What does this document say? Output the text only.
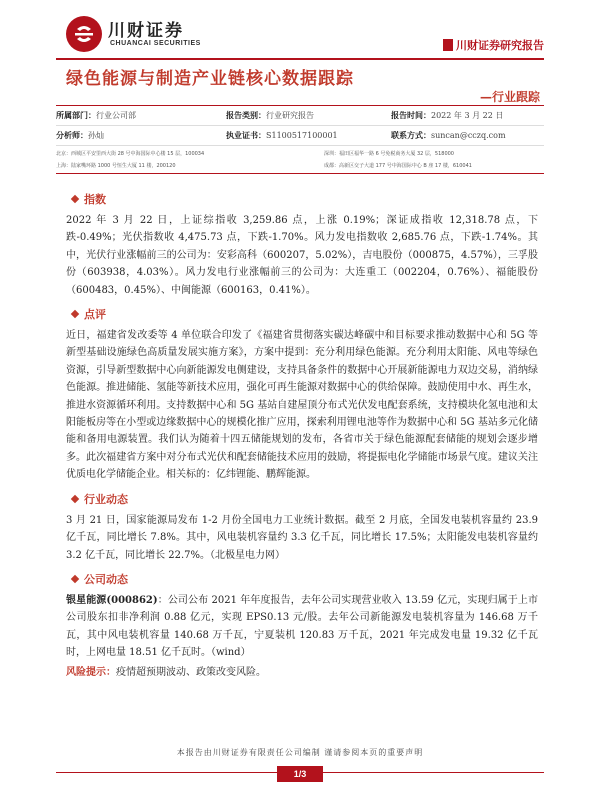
川财证券
CHUANCAI SECURITIES	川财证券研究报告
绿色能源与制造产业链核心数据跟踪
—行业跟踪
所属部门：行业公司部	报告类别：行业研究报告	报告时间：2022 年 3 月 22 日
分析师：孙灿	执业证书：S1100517100001	联系方式：suncan@cczq.com
北京：西城区平安里西大街 28 号中海国际中心楼 15 层，100034	深圳：福田区福华一路 6 号免税商务大厦 32 层，518000
上海：陆家嘴环路 1000 号恒生大厦 11 楼，200120	成都：高新区交子大道 177 号中海国际中心 B 座 17 楼，610041
指数

2022 年 3 月 22 日，上证综指收 3,259.86 点，上涨 0.19%；深证成指收 12,318.78 点，下跌-0.49%；光伏指数收 4,475.73 点，下跌-1.70%。风力发电指数收 2,685.76 点，下跌-1.74%。其中，光伏行业涨幅前三的公司为：安彩高科（600207，5.02%），吉电股份（000875，4.57%），三孚股份（603938，4.03%）。风力发电行业涨幅前三的公司为：大连重工（002204，0.76%）、福能股份（600483，0.45%）、中闽能源（600163，0.41%）。

点评

近日，福建省发改委等 4 单位联合印发了《福建省贯彻落实碳达峰碳中和目标要求推动数据中心和 5G 等新型基础设施绿色高质量发展实施方案》，方案中提到：充分利用绿色能源。充分利用太阳能、风电等绿色资源，引导新型数据中心向新能源发电侧建设，支持具备条件的数据中心开展新能源电力双边交易，消纳绿色能源。推进储能、氢能等新技术应用，强化可再生能源对数据中心的供给保障。鼓励使用中水、再生水，推进水资源循环利用。支持数据中心和 5G 基站自建屋顶分布式光伏发电配套系统，支持模块化氢电池和太阳能板房等在小型或边缘数据中心的规模化推广应用，探索利用锂电池等作为数据中心和 5G 基站多元化储能和备用电源装置。我们认为随着十四五储能规划的发布，各省市关于绿色能源配套储能的规划会逐步增多。此次福建省方案中对分布式光伏和配套储能技术应用的鼓励，将提振电化学储能市场景气度。建议关注优质电化学储能企业。相关标的：亿纬锂能、鹏辉能源。

行业动态

3 月 21 日，国家能源局发布 1-2 月份全国电力工业统计数据。截至 2 月底，全国发电装机容量约 23.9 亿千瓦，同比增长 7.8%。其中，风电装机容量约 3.3 亿千瓦，同比增长 17.5%；太阳能发电装机容量约 3.2 亿千瓦，同比增长 22.7%。（北极星电力网）

公司动态

银星能源(000862)：公司公布 2021 年年度报告，去年公司实现营业收入 13.59 亿元，实现归属于上市公司股东扣非净利润 0.88 亿元，实现 EPS0.13 元/股。去年公司新能源发电装机容量为 146.68 万千瓦，其中风电装机容量 140.68 万千瓦，宁夏装机 120.83 万千瓦，2021 年完成发电量 19.32 亿千瓦时，上网电量 18.51 亿千瓦时。（wind）

风险提示：疫情超预期波动、政策改变风险。

本报告由川财证券有限责任公司编制 谨请参阅本页的重要声明
1/3
